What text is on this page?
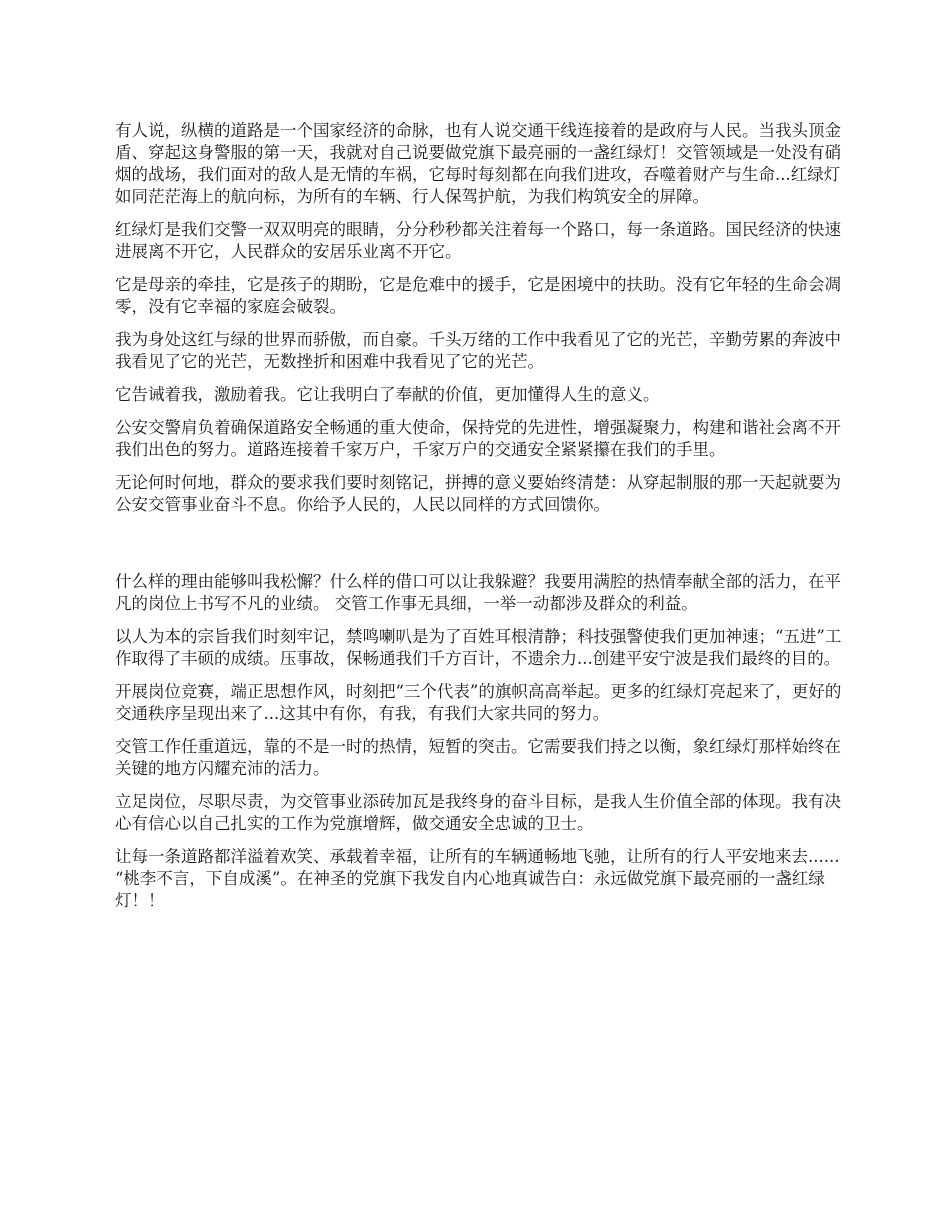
有人说，纵横的道路是一个国家经济的命脉，也有人说交通干线连接着的是政府与人民。当我头顶金盾、穿起这身警服的第一天，我就对自己说要做党旗下最亮丽的一盏红绿灯！交管领域是一处没有硝烟的战场，我们面对的敌人是无情的车祸，它每时每刻都在向我们进攻，吞噬着财产与生命...红绿灯如同茫茫海上的航向标，为所有的车辆、行人保驾护航，为我们构筑安全的屏障。

红绿灯是我们交警一双双明亮的眼睛，分分秒秒都关注着每一个路口，每一条道路。国民经济的快速进展离不开它，人民群众的安居乐业离不开它。

它是母亲的牵挂，它是孩子的期盼，它是危难中的援手，它是困境中的扶助。没有它年轻的生命会凋零，没有它幸福的家庭会破裂。

我为身处这红与绿的世界而骄傲，而自豪。千头万绪的工作中我看见了它的光芒，辛勤劳累的奔波中我看见了它的光芒，无数挫折和困难中我看见了它的光芒。

它告诫着我，激励着我。它让我明白了奉献的价值，更加懂得人生的意义。

公安交警肩负着确保道路安全畅通的重大使命，保持党的先进性，增强凝聚力，构建和谐社会离不开我们出色的努力。道路连接着千家万户，千家万户的交通安全紧紧攥在我们的手里。

无论何时何地，群众的要求我们要时刻铭记，拼搏的意义要始终清楚：从穿起制服的那一天起就要为公安交管事业奋斗不息。你给予人民的，人民以同样的方式回馈你。

什么样的理由能够叫我松懈？什么样的借口可以让我躲避？我要用满腔的热情奉献全部的活力，在平凡的岗位上书写不凡的业绩。 交管工作事无具细，一举一动都涉及群众的利益。

以人为本的宗旨我们时刻牢记，禁鸣喇叭是为了百姓耳根清静；科技强警使我们更加神速；“五进”工作取得了丰硕的成绩。压事故，保畅通我们千方百计，不遗余力...创建平安宁波是我们最终的目的。

开展岗位竞赛，端正思想作风，时刻把“三个代表”的旗帜高高举起。更多的红绿灯亮起来了，更好的交通秩序呈现出来了...这其中有你，有我，有我们大家共同的努力。

交管工作任重道远，靠的不是一时的热情，短暂的突击。它需要我们持之以衡，象红绿灯那样始终在关键的地方闪耀充沛的活力。

立足岗位，尽职尽责，为交管事业添砖加瓦是我终身的奋斗目标，是我人生价值全部的体现。我有决心有信心以自己扎实的工作为党旗增辉，做交通安全忠诚的卫士。

让每一条道路都洋溢着欢笑、承载着幸福，让所有的车辆通畅地飞驰，让所有的行人平安地来去...... “桃李不言，下自成溪”。在神圣的党旗下我发自内心地真诚告白：永远做党旗下最亮丽的一盏红绿灯！！
